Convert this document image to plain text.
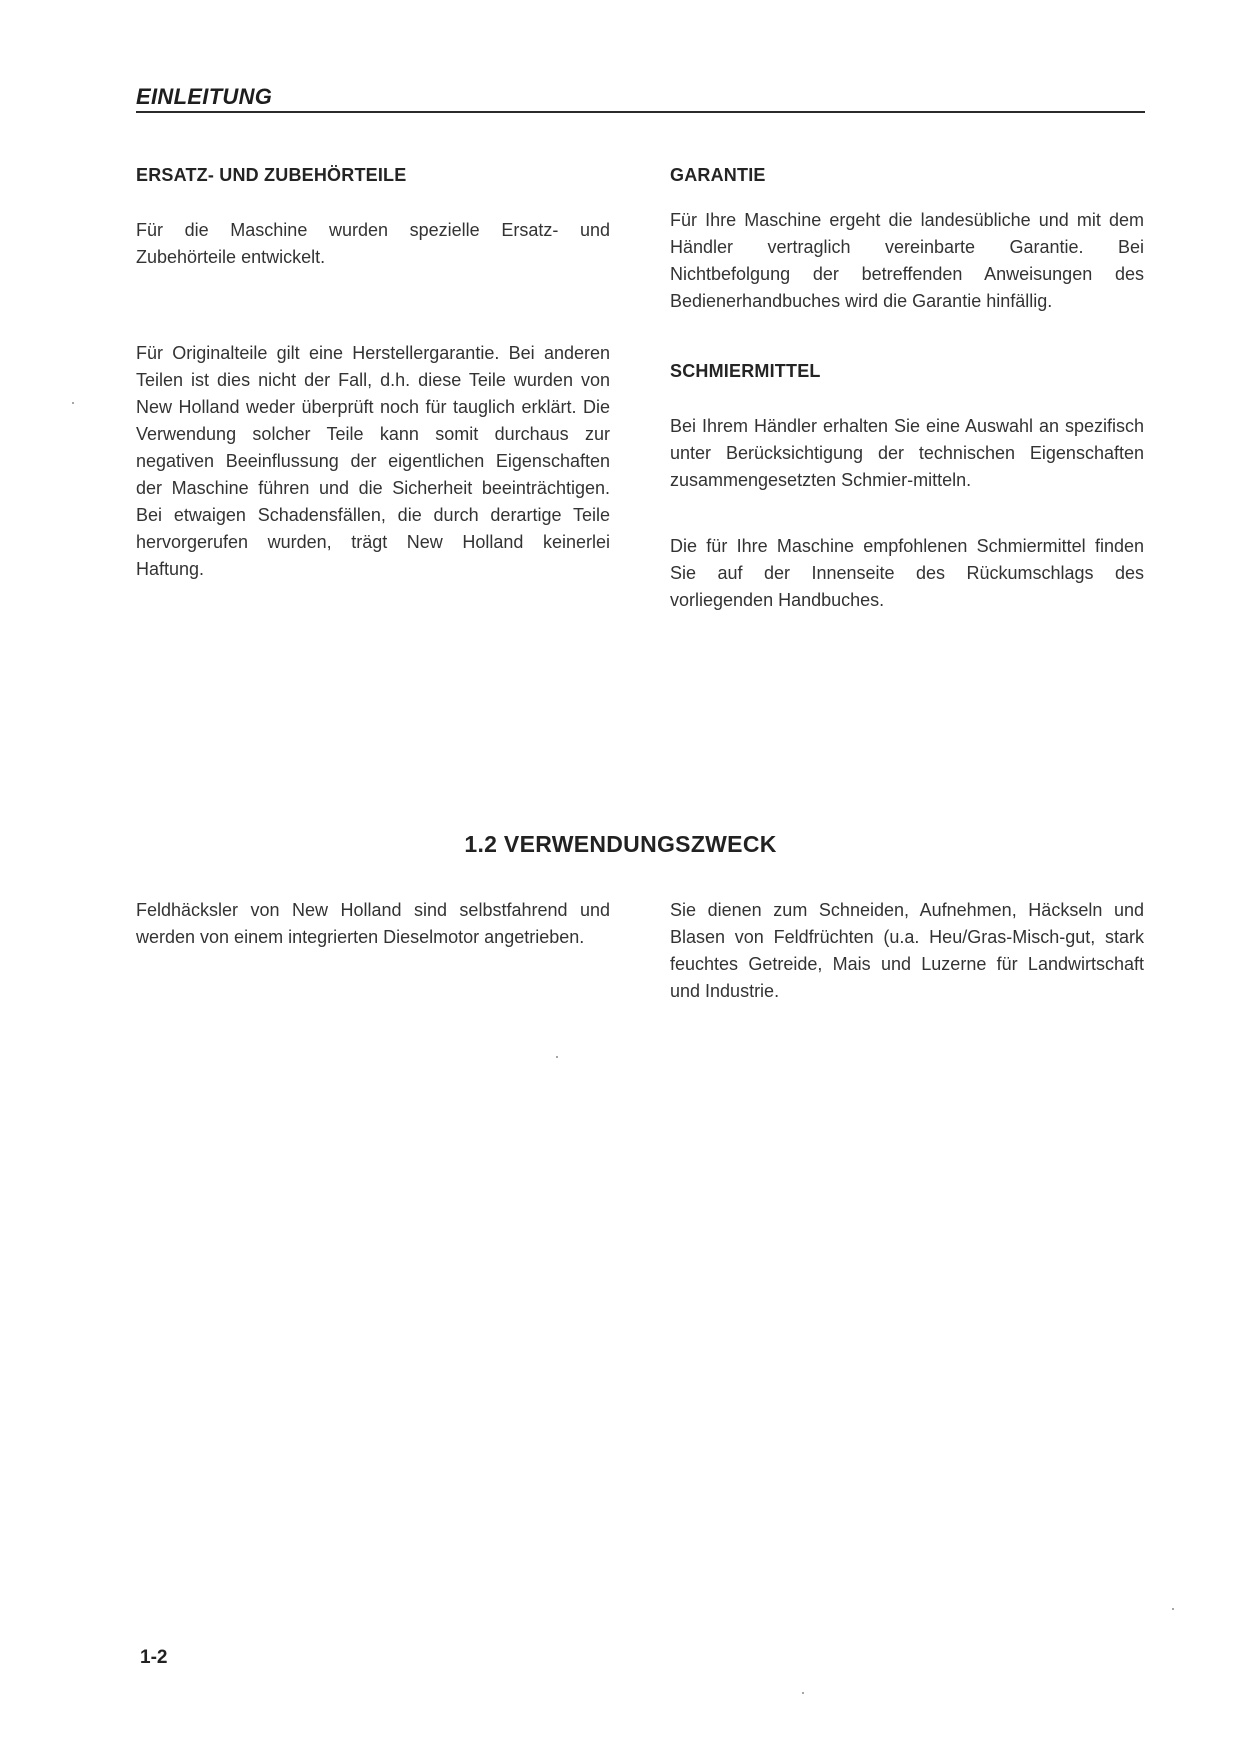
EINLEITUNG
ERSATZ- UND ZUBEHÖRTEILE

Für die Maschine wurden spezielle Ersatz- und Zubehörteile entwickelt.

Für Originalteile gilt eine Herstellergarantie. Bei anderen Teilen ist dies nicht der Fall, d.h. diese Teile wurden von New Holland weder überprüft noch für tauglich erklärt. Die Verwendung solcher Teile kann somit durchaus zur negativen Beeinflussung der eigentlichen Eigenschaften der Maschine führen und die Sicherheit beeinträchtigen. Bei etwaigen Schadensfällen, die durch derartige Teile hervorgerufen wurden, trägt New Holland keinerlei Haftung.

GARANTIE

Für Ihre Maschine ergeht die landesübliche und mit dem Händler vertraglich vereinbarte Garantie. Bei Nichtbefolgung der betreffenden Anweisungen des Bedienerhandbuches wird die Garantie hinfällig.

SCHMIERMITTEL

Bei Ihrem Händler erhalten Sie eine Auswahl an spezifisch unter Berücksichtigung der technischen Eigenschaften zusammengesetzten Schmier-mitteln.

Die für Ihre Maschine empfohlenen Schmiermittel finden Sie auf der Innenseite des Rückumschlags des vorliegenden Handbuches.

1.2 VERWENDUNGSZWECK

Feldhäcksler von New Holland sind selbstfahrend und werden von einem integrierten Dieselmotor angetrieben.

Sie dienen zum Schneiden, Aufnehmen, Häckseln und Blasen von Feldfrüchten (u.a. Heu/Gras-Misch-gut, stark feuchtes Getreide, Mais und Luzerne für Landwirtschaft und Industrie.

1-2
